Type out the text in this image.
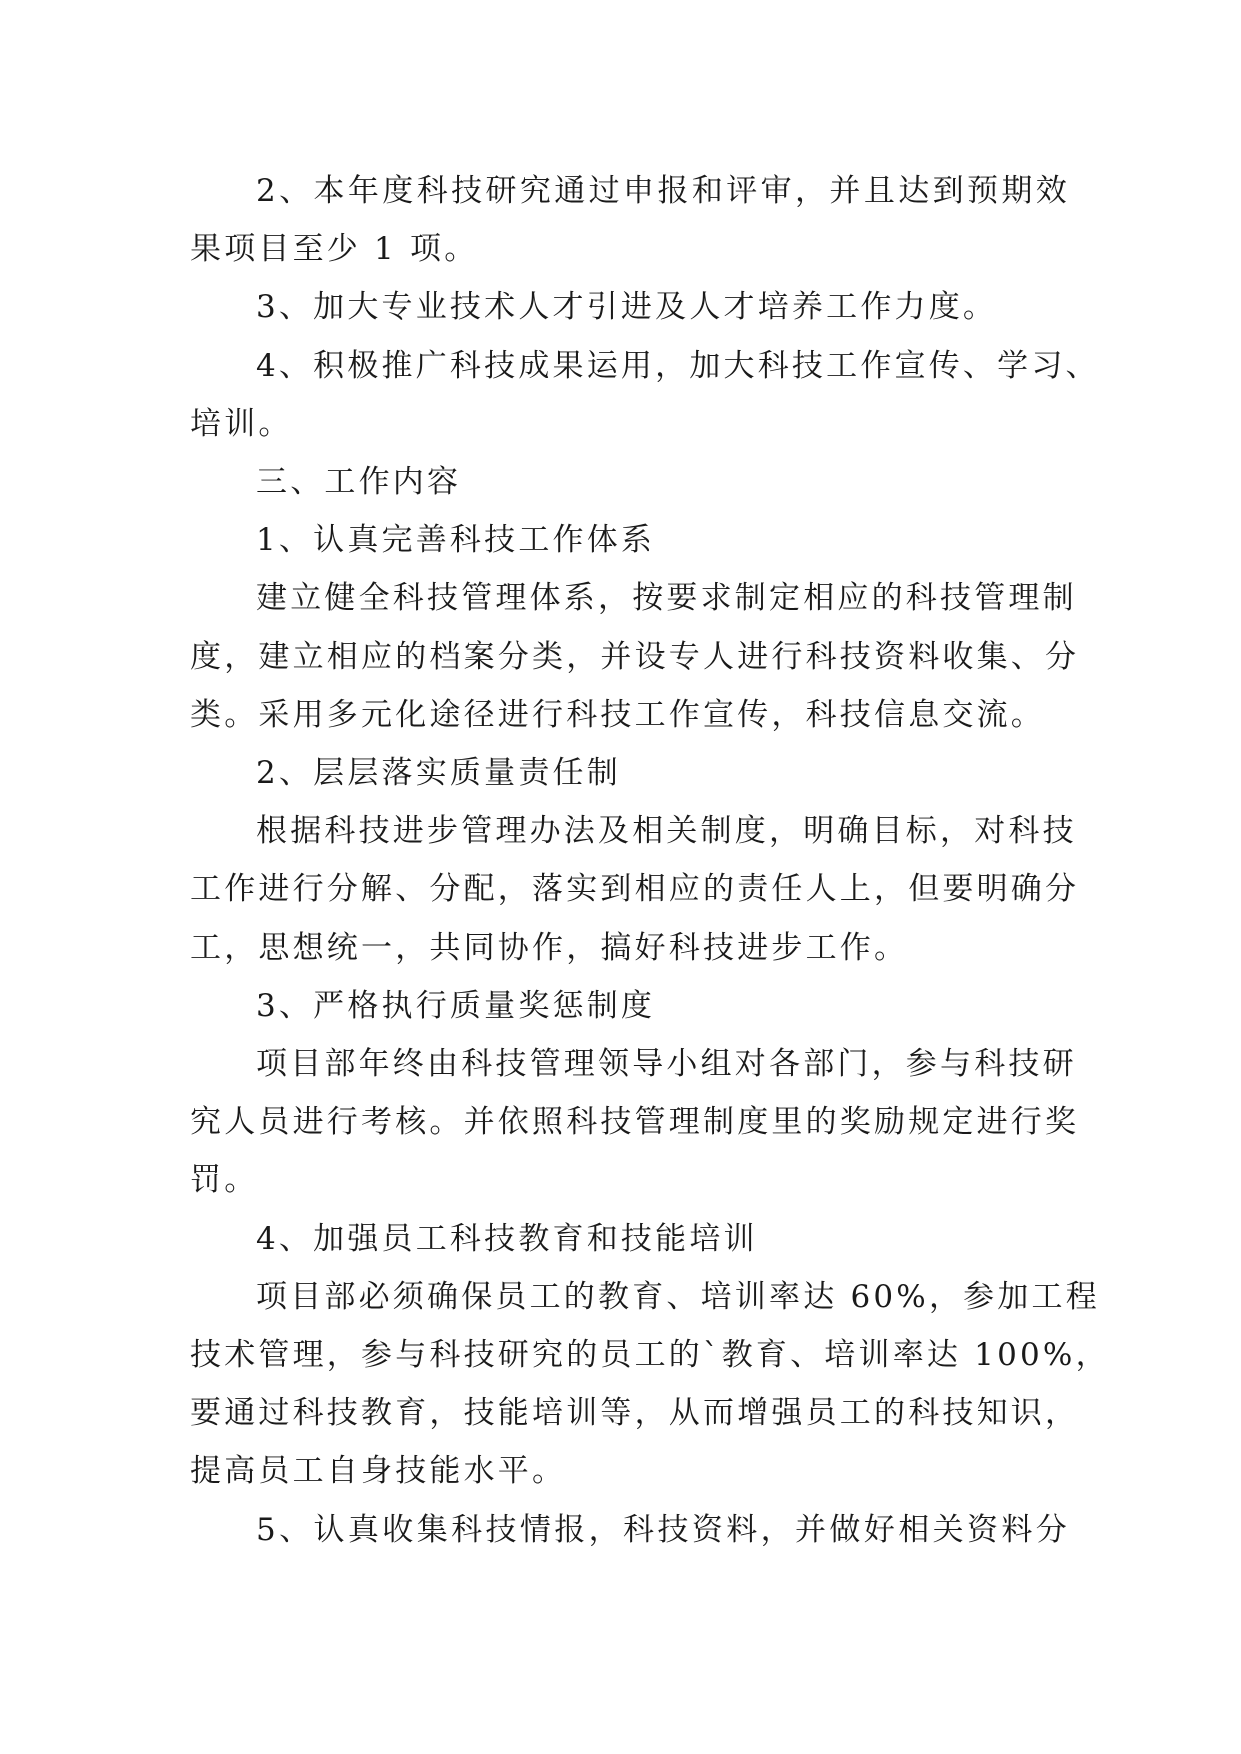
2、本年度科技研究通过申报和评审，并且达到预期效
果项目至少 1 项。
3、加大专业技术人才引进及人才培养工作力度。
4、积极推广科技成果运用，加大科技工作宣传、学习、
培训。
三、工作内容
1、认真完善科技工作体系
建立健全科技管理体系，按要求制定相应的科技管理制
度，建立相应的档案分类，并设专人进行科技资料收集、分
类。采用多元化途径进行科技工作宣传，科技信息交流。
2、层层落实质量责任制
根据科技进步管理办法及相关制度，明确目标，对科技
工作进行分解、分配，落实到相应的责任人上，但要明确分
工，思想统一，共同协作，搞好科技进步工作。
3、严格执行质量奖惩制度
项目部年终由科技管理领导小组对各部门，参与科技研
究人员进行考核。并依照科技管理制度里的奖励规定进行奖
罚。
4、加强员工科技教育和技能培训
项目部必须确保员工的教育、培训率达 60%，参加工程
技术管理，参与科技研究的员工的`教育、培训率达 100%，
要通过科技教育，技能培训等，从而增强员工的科技知识，
提高员工自身技能水平。
5、认真收集科技情报，科技资料，并做好相关资料分
